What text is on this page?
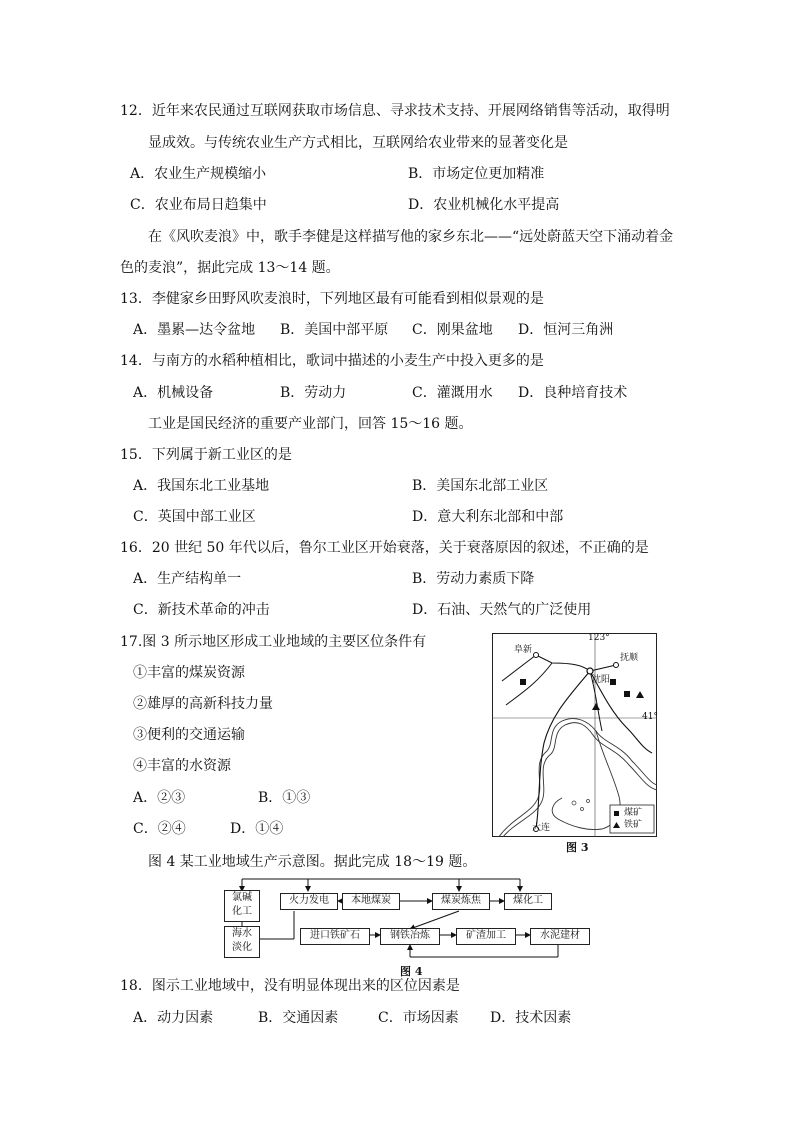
12．近年来农民通过互联网获取市场信息、寻求技术支持、开展网络销售等活动，取得明
显成效。与传统农业生产方式相比，互联网给农业带来的显著变化是
A．农业生产规模缩小	B．市场定位更加精准
C．农业布局日趋集中	D．农业机械化水平提高
在《风吹麦浪》中，歌手李健是这样描写他的家乡东北——“远处蔚蓝天空下涌动着金
色的麦浪”，据此完成 13～14 题。
13．李健家乡田野风吹麦浪时，下列地区最有可能看到相似景观的是
A．墨累—达令盆地 B．美国中部平原 C．刚果盆地 D．恒河三角洲
14．与南方的水稻种植相比，歌词中描述的小麦生产中投入更多的是
A．机械设备	B．劳动力	C．灌溉用水 D．良种培育技术
工业是国民经济的重要产业部门，回答 15～16 题。
15．下列属于新工业区的是
A．我国东北工业基地	B．美国东北部工业区
C．英国中部工业区	D．意大利东北部和中部
16．20 世纪 50 年代以后，鲁尔工业区开始衰落，关于衰落原因的叙述，不正确的是
A．生产结构单一	B．劳动力素质下降
C．新技术革命的冲击	D．石油、天然气的广泛使用
17.图 3 所示地区形成工业地域的主要区位条件有
①丰富的煤炭资源
②雄厚的高新科技力量
③便利的交通运输
④丰富的水资源
A．②③	B．①③
C．②④	D．①④
123°
41°
阜新
抚顺
沈阳
大连
煤矿
铁矿
图 3
图 4 某工业地域生产示意图。据此完成 18～19 题。
氯碱
化工
海水
淡化
火力发电	本地煤炭	煤炭炼焦	煤化工
进口铁矿石	钢铁冶炼	矿渣加工	水泥建材
图 4
18．图示工业地域中，没有明显体现出来的区位因素是
A．动力因素	B．交通因素	C．市场因素 D．技术因素
